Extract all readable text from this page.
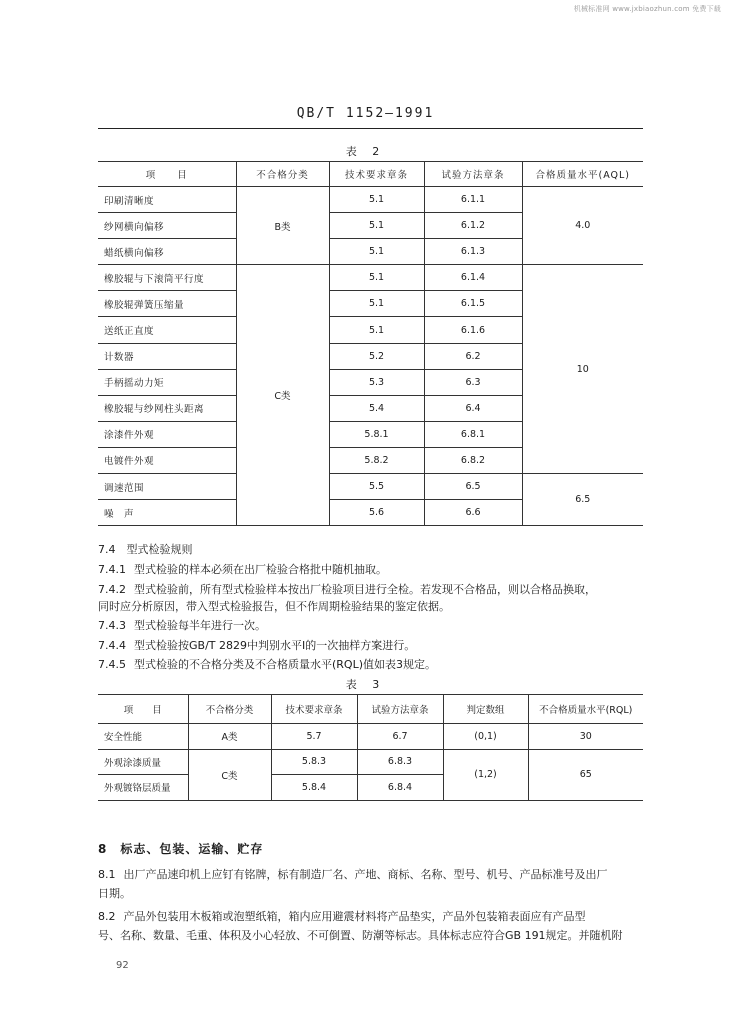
机械标准网 www.jxbiaozhun.com 免费下载
QB/T 1152—1991
表 2
项　　目	不合格分类	技术要求章条	试验方法章条	合格质量水平(AQL)
印刷清晰度	B类	5.1	6.1.1	4.0
纱网横向偏移		5.1	6.1.2	
蜡纸横向偏移		5.1	6.1.3	
橡胶辊与下滚筒平行度	C类	5.1	6.1.4	10
橡胶辊弹簧压缩量		5.1	6.1.5	
送纸正直度		5.1	6.1.6	
计数器		5.2	6.2	
手柄摇动力矩		5.3	6.3	
橡胶辊与纱网柱头距离		5.4	6.4	
涂漆件外观		5.8.1	6.8.1	
电镀件外观		5.8.2	6.8.2	
调速范围		5.5	6.5	6.5
噪　声		5.6	6.6	
7.4　型式检验规则
7.4.1 型式检验的样本必须在出厂检验合格批中随机抽取。
7.4.2 型式检验前，所有型式检验样本按出厂检验项目进行全检。若发现不合格品，则以合格品换取，
同时应分析原因，带入型式检验报告，但不作周期检验结果的鉴定依据。
7.4.3 型式检验每半年进行一次。
7.4.4 型式检验按GB/T 2829中判别水平Ⅰ的一次抽样方案进行。
7.4.5 型式检验的不合格分类及不合格质量水平(RQL)值如表3规定。
表 3
项　　目	不合格分类	技术要求章条	试验方法章条	判定数组	不合格质量水平(RQL)
安全性能	A类	5.7	6.7	(0,1)	30
外观涂漆质量	C类	5.8.3	6.8.3	(1,2)	65
外观镀铬层质量		5.8.4	6.8.4		
8　标志、包装、运输、贮存
8.1 出厂产品速印机上应钉有铭牌，标有制造厂名、产地、商标、名称、型号、机号、产品标准号及出厂
日期。
8.2 产品外包装用木板箱或泡塑纸箱，箱内应用避震材料将产品垫实，产品外包装箱表面应有产品型
号、名称、数量、毛重、体积及小心轻放、不可倒置、防潮等标志。具体标志应符合GB 191规定。并随机附
92
